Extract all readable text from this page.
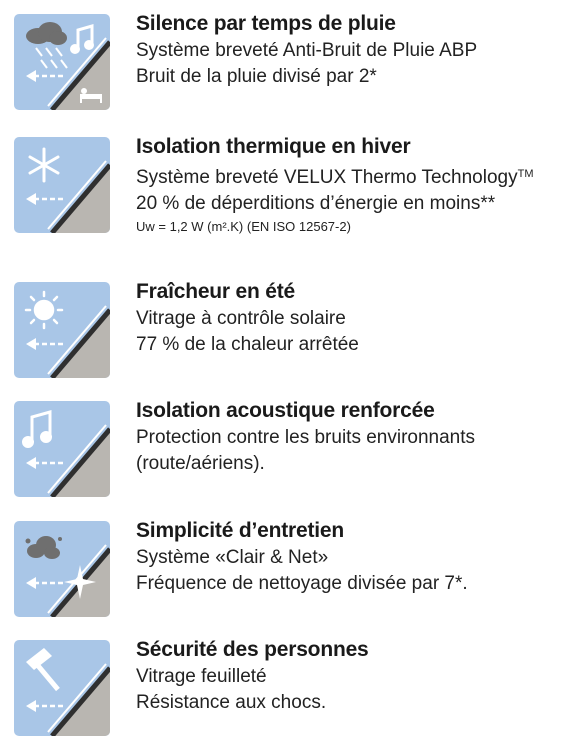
Silence par temps de pluie
Système breveté Anti-Bruit de Pluie ABP
Bruit de la pluie divisé par 2*
Isolation thermique en hiver
Système breveté VELUX Thermo Technology™
20 % de déperditions d’énergie en moins**
Uw = 1,2 W (m².K) (EN ISO 12567-2)
Fraîcheur en été
Vitrage à contrôle solaire
77 % de la chaleur arrêtée
Isolation acoustique renforcée
Protection contre les bruits environnants
(route/aériens).
Simplicité d’entretien
Système «Clair & Net»
Fréquence de nettoyage divisée par 7*.
Sécurité des personnes
Vitrage feuilleté
Résistance aux chocs.
